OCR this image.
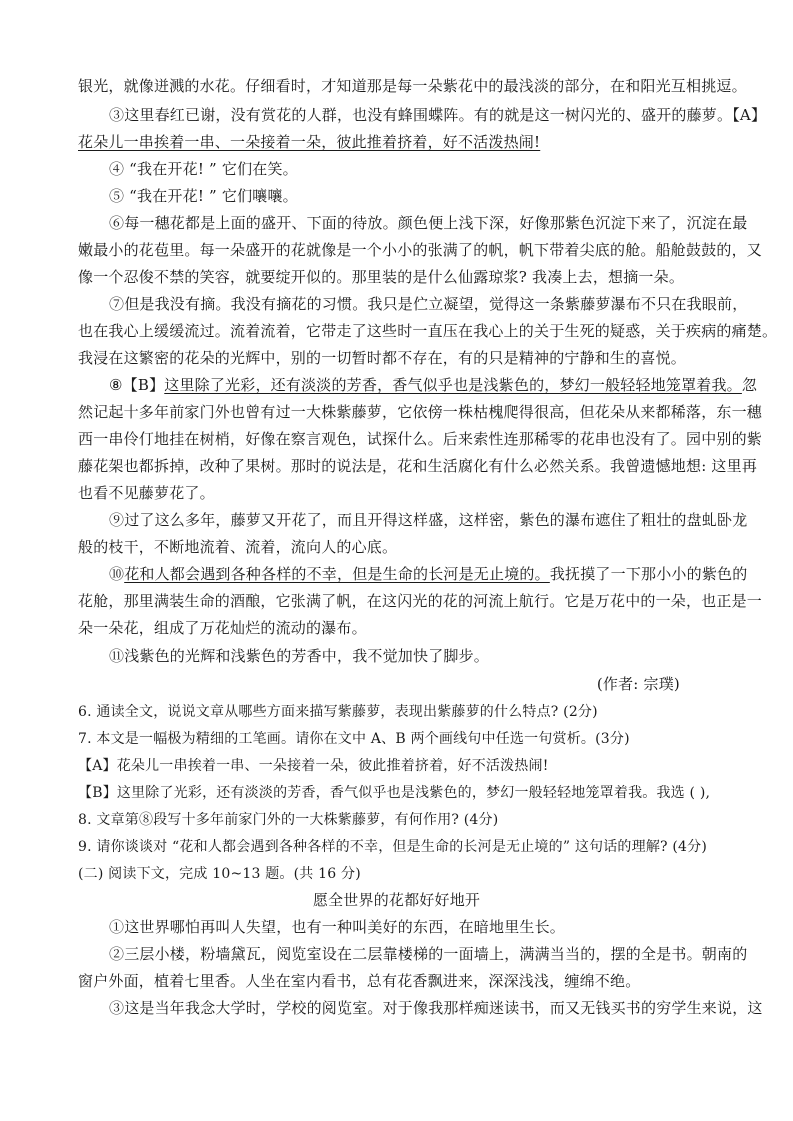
银光，就像迸溅的水花。仔细看时，才知道那是每一朵紫花中的最浅淡的部分，在和阳光互相挑逗。
③这里春红已谢，没有赏花的人群，也没有蜂围蝶阵。有的就是这一树闪光的、盛开的藤萝。【A】
花朵儿一串挨着一串、一朵接着一朵，彼此推着挤着，好不活泼热闹!
④ “我在开花! ” 它们在笑。
⑤ “我在开花! ” 它们嚷嚷。
⑥每一穗花都是上面的盛开、下面的待放。颜色便上浅下深，好像那紫色沉淀下来了，沉淀在最
嫩最小的花苞里。每一朵盛开的花就像是一个小小的张满了的帆，帆下带着尖底的舱。船舱鼓鼓的，又
像一个忍俊不禁的笑容，就要绽开似的。那里装的是什么仙露琼浆? 我凑上去，想摘一朵。
⑦但是我没有摘。我没有摘花的习惯。我只是伫立凝望，觉得这一条紫藤萝瀑布不只在我眼前，
也在我心上缓缓流过。流着流着，它带走了这些时一直压在我心上的关于生死的疑惑，关于疾病的痛楚。
我浸在这繁密的花朵的光辉中，别的一切暂时都不存在，有的只是精神的宁静和生的喜悦。
⑧【B】这里除了光彩，还有淡淡的芳香，香气似乎也是浅紫色的，梦幻一般轻轻地笼罩着我。忽
然记起十多年前家门外也曾有过一大株紫藤萝，它依傍一株枯槐爬得很高，但花朵从来都稀落，东一穗
西一串伶仃地挂在树梢，好像在察言观色，试探什么。后来索性连那稀零的花串也没有了。园中别的紫
藤花架也都拆掉，改种了果树。那时的说法是，花和生活腐化有什么必然关系。我曾遗憾地想: 这里再
也看不见藤萝花了。
⑨过了这么多年，藤萝又开花了，而且开得这样盛，这样密，紫色的瀑布遮住了粗壮的盘虬卧龙
般的枝干，不断地流着、流着，流向人的心底。
⑩花和人都会遇到各种各样的不幸，但是生命的长河是无止境的。我抚摸了一下那小小的紫色的
花舱，那里满装生命的酒酿，它张满了帆，在这闪光的花的河流上航行。它是万花中的一朵，也正是一
朵一朵花，组成了万花灿烂的流动的瀑布。
⑪浅紫色的光辉和浅紫色的芳香中，我不觉加快了脚步。
(作者: 宗璞)
6. 通读全文，说说文章从哪些方面来描写紫藤萝，表现出紫藤萝的什么特点? (2分)
7. 本文是一幅极为精细的工笔画。请你在文中 A、B 两个画线句中任选一句赏析。(3分)
【A】花朵儿一串挨着一串、一朵接着一朵，彼此推着挤着，好不活泼热闹!
【B】这里除了光彩，还有淡淡的芳香，香气似乎也是浅紫色的，梦幻一般轻轻地笼罩着我。我选 ( ),
8. 文章第⑧段写十多年前家门外的一大株紫藤萝，有何作用? (4分)
9. 请你谈谈对 “花和人都会遇到各种各样的不幸，但是生命的长河是无止境的” 这句话的理解? (4分)
(二) 阅读下文，完成 10~13 题。(共 16 分)
愿全世界的花都好好地开
①这世界哪怕再叫人失望，也有一种叫美好的东西，在暗地里生长。
②三层小楼，粉墙黛瓦，阅览室设在二层靠楼梯的一面墙上，满满当当的，摆的全是书。朝南的
窗户外面，植着七里香。人坐在室内看书，总有花香飘进来，深深浅浅，缠绵不绝。
③这是当年我念大学时，学校的阅览室。对于像我那样痴迷读书，而又无钱买书的穷学生来说，这
